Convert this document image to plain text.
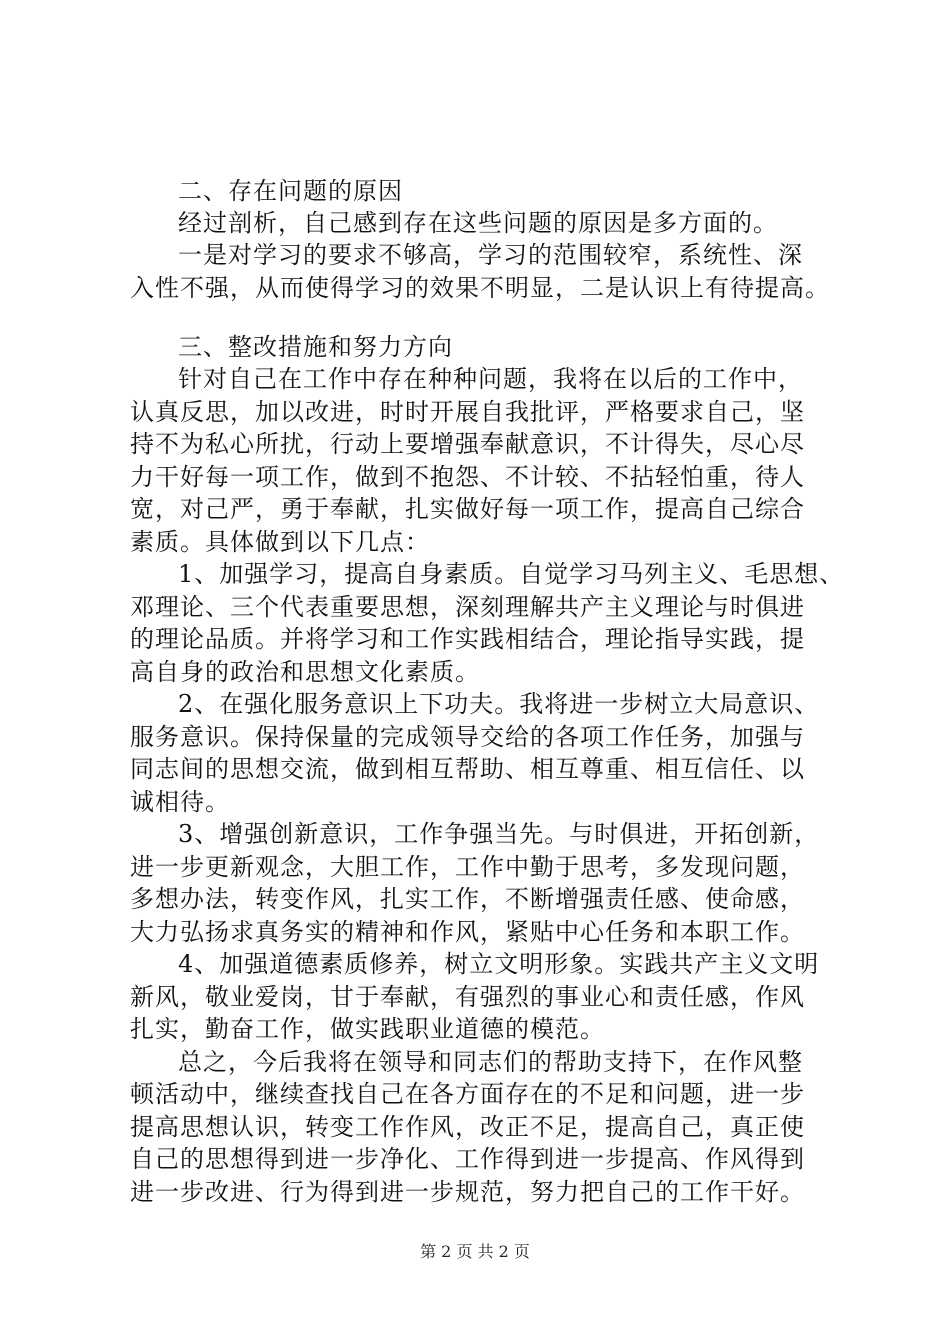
二、存在问题的原因
经过剖析，自己感到存在这些问题的原因是多方面的。
一是对学习的要求不够高，学习的范围较窄，系统性、深
入性不强，从而使得学习的效果不明显，二是认识上有待提高。
三、整改措施和努力方向
针对自己在工作中存在种种问题，我将在以后的工作中，
认真反思，加以改进，时时开展自我批评，严格要求自己，坚
持不为私心所扰，行动上要增强奉献意识，不计得失，尽心尽
力干好每一项工作，做到不抱怨、不计较、不拈轻怕重，待人
宽，对己严，勇于奉献，扎实做好每一项工作，提高自己综合
素质。具体做到以下几点：
1、加强学习，提高自身素质。自觉学习马列主义、毛思想、
邓理论、三个代表重要思想，深刻理解共产主义理论与时俱进
的理论品质。并将学习和工作实践相结合，理论指导实践，提
高自身的政治和思想文化素质。
2、在强化服务意识上下功夫。我将进一步树立大局意识、
服务意识。保持保量的完成领导交给的各项工作任务，加强与
同志间的思想交流，做到相互帮助、相互尊重、相互信任、以
诚相待。
3、增强创新意识，工作争强当先。与时俱进，开拓创新，
进一步更新观念，大胆工作，工作中勤于思考，多发现问题，
多想办法，转变作风，扎实工作，不断增强责任感、使命感，
大力弘扬求真务实的精神和作风，紧贴中心任务和本职工作。
4、加强道德素质修养，树立文明形象。实践共产主义文明
新风，敬业爱岗，甘于奉献，有强烈的事业心和责任感，作风
扎实，勤奋工作，做实践职业道德的模范。
总之，今后我将在领导和同志们的帮助支持下，在作风整
顿活动中，继续查找自己在各方面存在的不足和问题，进一步
提高思想认识，转变工作作风，改正不足，提高自己，真正使
自己的思想得到进一步净化、工作得到进一步提高、作风得到
进一步改进、行为得到进一步规范，努力把自己的工作干好。
第 2 页 共 2 页
